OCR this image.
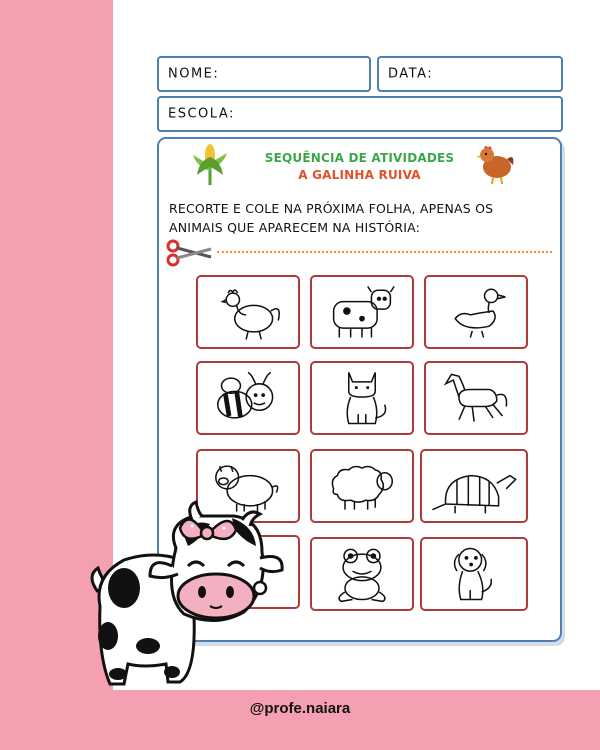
NOME:	DATA:
ESCOLA:
SEQUÊNCIA DE ATIVIDADES
A GALINHA RUIVA
RECORTE E COLE NA PRÓXIMA FOLHA, APENAS OS
ANIMAIS QUE APARECEM NA HISTÓRIA:
@profe.naiara
